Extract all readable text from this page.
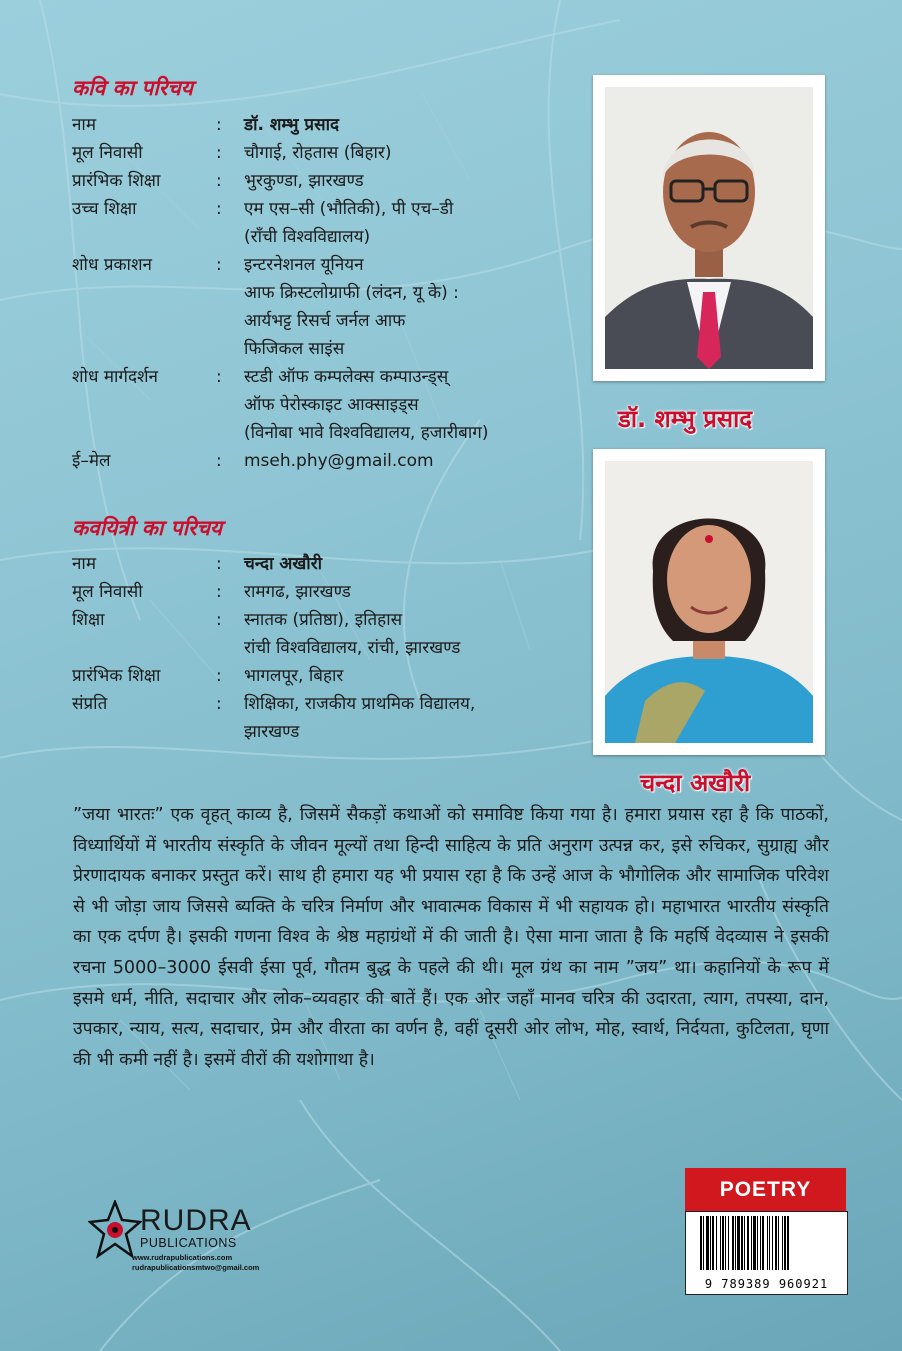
कवि का परिचय
नाम	: डॉ. शम्भु प्रसाद
मूल निवासी	: चौगाई, रोहतास (बिहार)
प्रारंभिक शिक्षा	: भुरकुण्डा, झारखण्ड
उच्च शिक्षा	: एम एस–सी (भौतिकी), पी एच–डी
(राँची विश्वविद्यालय)
शोध प्रकाशन	: इन्टरनेशनल यूनियन
आफ क्रिस्टलोग्राफी (लंदन, यू के) :
आर्यभट्ट रिसर्च जर्नल आफ
फिजिकल साइंस
शोध मार्गदर्शन	: स्टडी ऑफ कम्पलेक्स कम्पाउन्ड्स्
ऑफ पेरोस्काइट आक्साइड्स
(विनोबा भावे विश्वविद्यालय, हजारीबाग)
ई–मेल	: mseh.phy@gmail.com
कवयित्री का परिचय
नाम	: चन्दा अखौरी
मूल निवासी	: रामगढ, झारखण्ड
शिक्षा	: स्नातक (प्रतिष्ठा), इतिहास
रांची विश्वविद्यालय, रांची, झारखण्ड
प्रारंभिक शिक्षा	: भागलपूर, बिहार
संप्रति	: शिक्षिका, राजकीय प्राथमिक विद्यालय,
झारखण्ड
डॉ. शम्भु प्रसाद
चन्दा अखौरी
”जया भारतः” एक वृहत् काव्य है, जिसमें सैकड़ों कथाओं को समाविष्ट किया गया है। हमारा प्रयास रहा है कि पाठकों, विध्यार्थियों में भारतीय संस्कृति के जीवन मूल्यों तथा हिन्दी साहित्य के प्रति अनुराग उत्पन्न कर, इसे रुचिकर, सुग्राह्य और प्रेरणादायक बनाकर प्रस्तुत करें। साथ ही हमारा यह भी प्रयास रहा है कि उन्हें आज के भौगोलिक और सामाजिक परिवेश से भी जोड़ा जाय जिससे ब्यक्ति के चरित्र निर्माण और भावात्मक विकास में भी सहायक हो। महाभारत भारतीय संस्कृति का एक दर्पण है। इसकी गणना विश्व के श्रेष्ठ महाग्रंथों में की जाती है। ऐसा माना जाता है कि महर्षि वेदव्यास ने इसकी रचना 5000–3000 ईसवी ईसा पूर्व, गौतम बुद्ध के पहले की थी। मूल ग्रंथ का नाम ”जय” था। कहानियों के रूप में इसमे धर्म, नीति, सदाचार और लोक–व्यवहार की बातें हैं। एक ओर जहाँ मानव चरित्र की उदारता, त्याग, तपस्या, दान, उपकार, न्याय, सत्य, सदाचार, प्रेम और वीरता का वर्णन है, वहीं दूसरी ओर लोभ, मोह, स्वार्थ, निर्दयता, कुटिलता, घृणा की भी कमी नहीं है। इसमें वीरों की यशोगाथा है।
RUDRA
PUBLICATIONS
www.rudrapublications.com
rudrapublicationsmtwo@gmail.com
POETRY
9 789389 960921
